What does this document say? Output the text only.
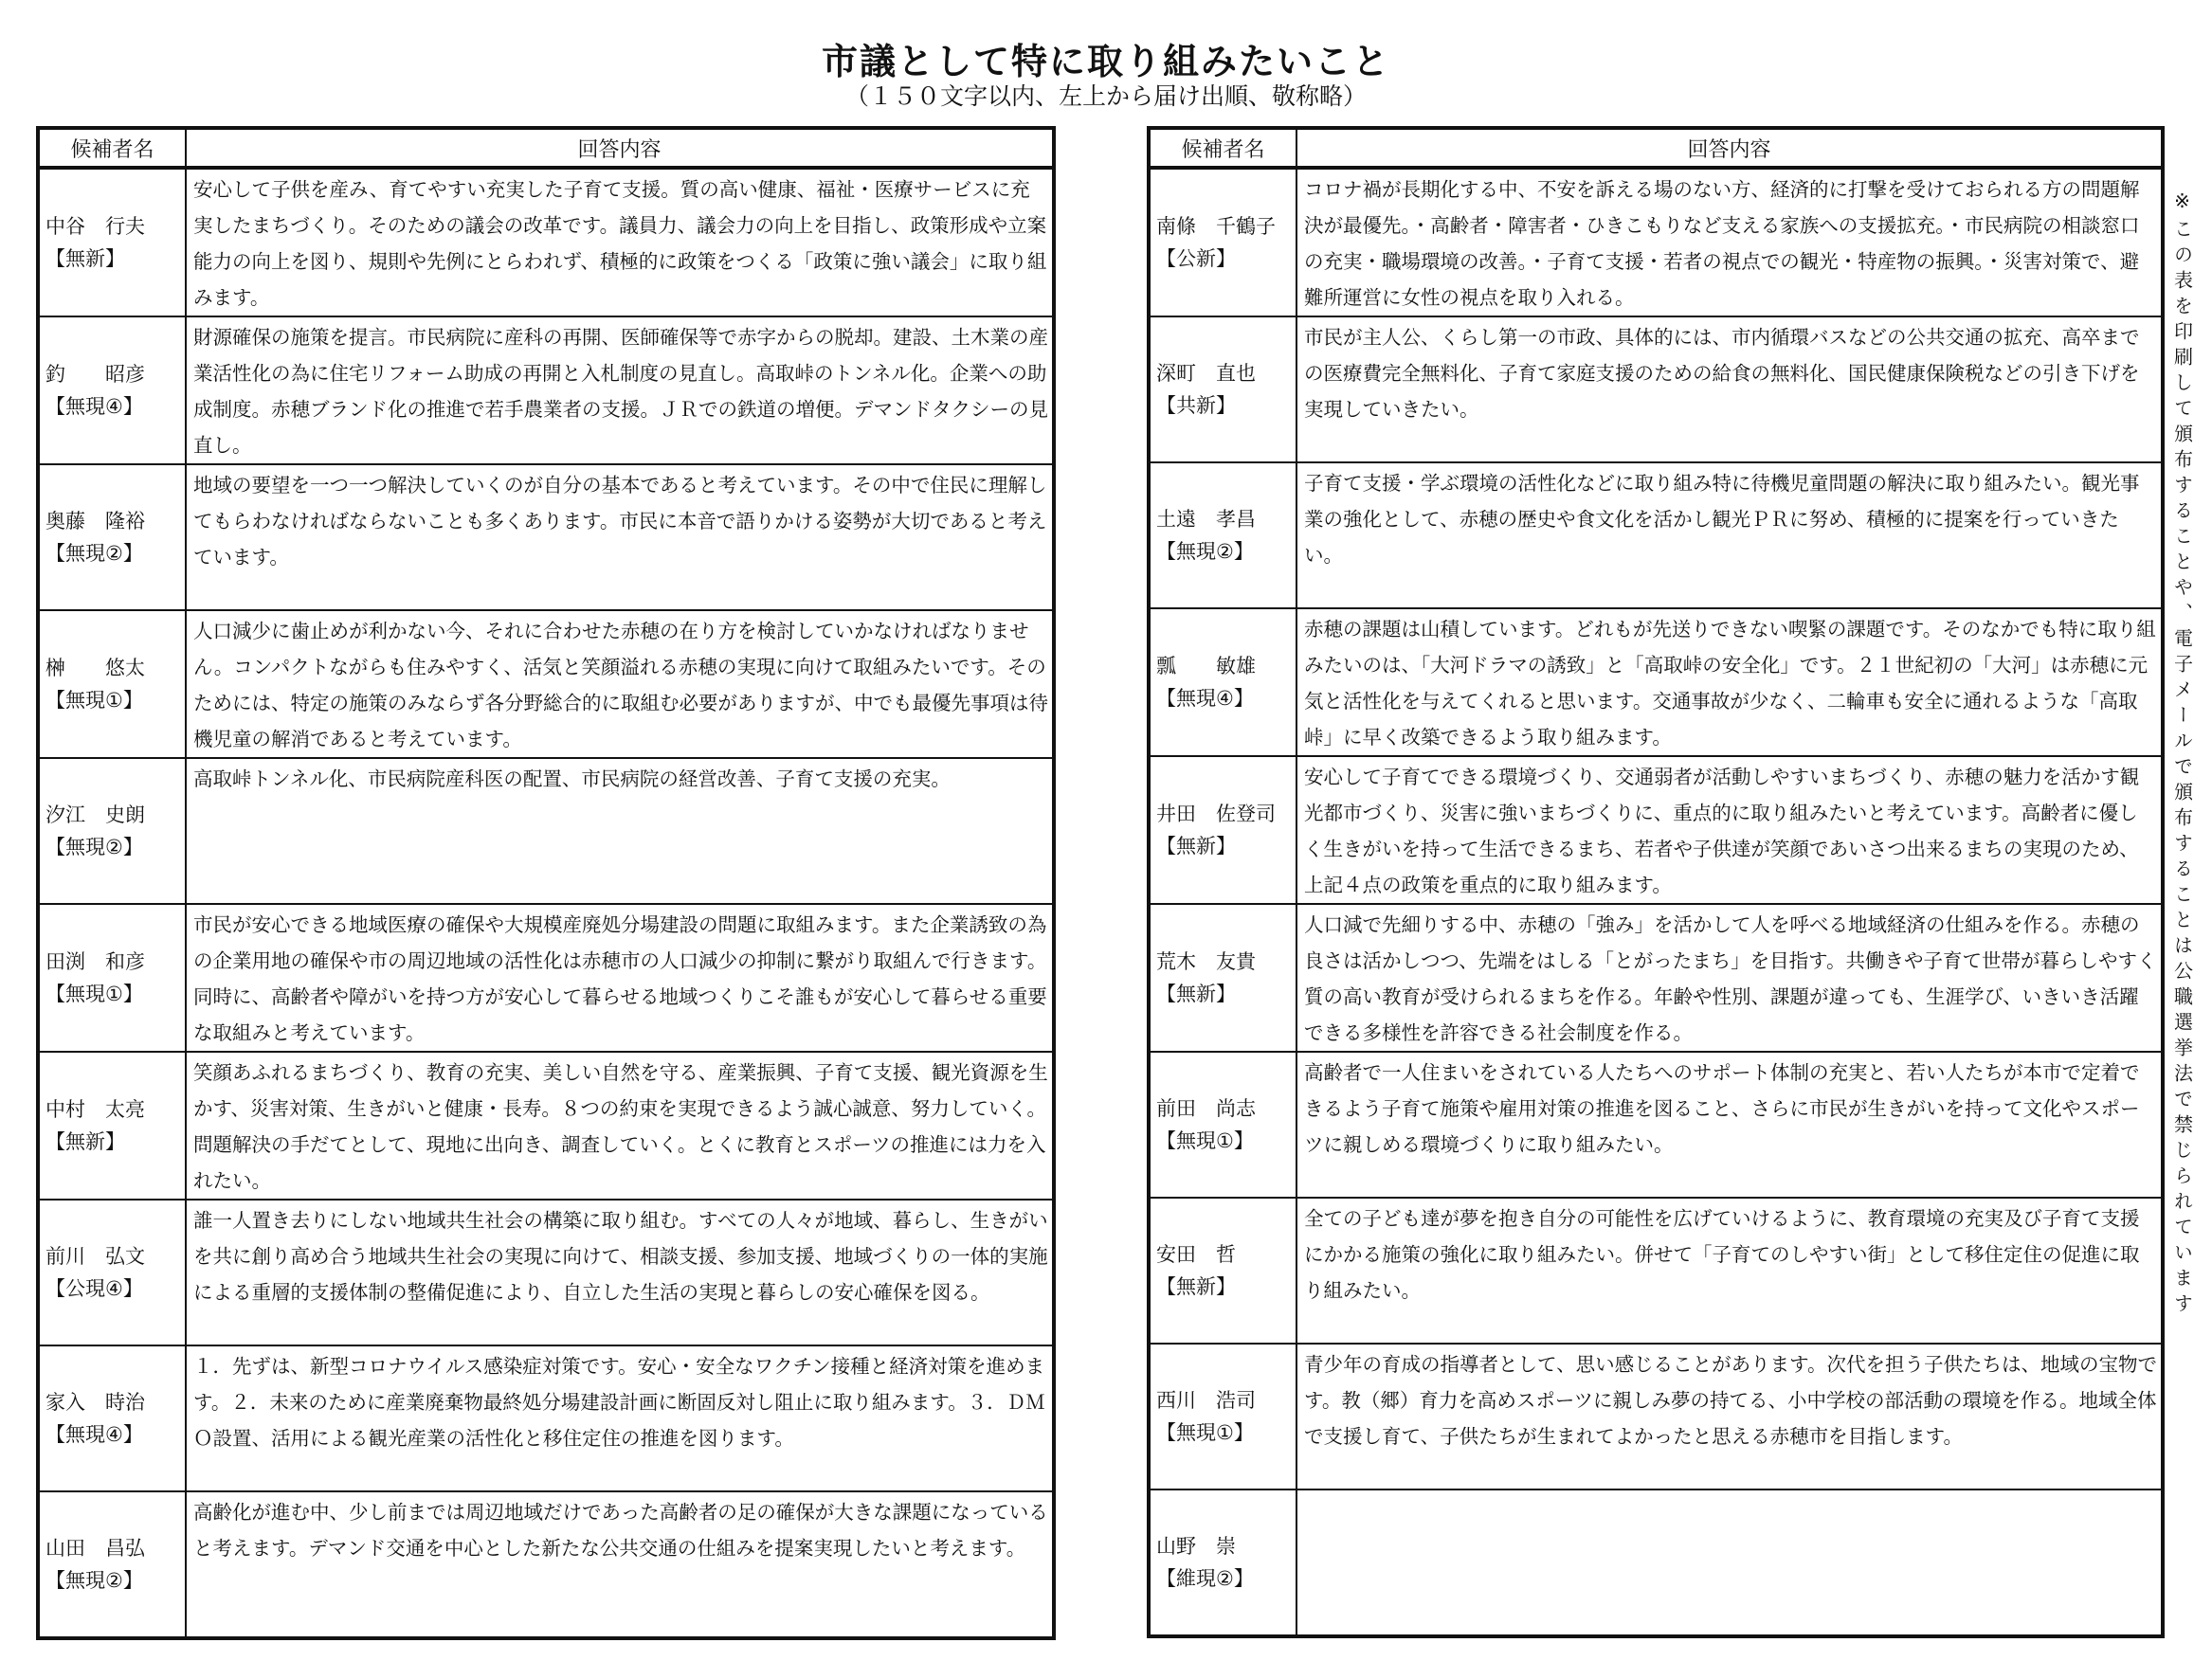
市議として特に取り組みたいこと
（１５０文字以内、左上から届け出順、敬称略）
候補者名	回答内容

中谷　行夫
【無新】	安心して子供を産み、育てやすい充実した子育て支援。質の高い健康、福祉・医療サービスに充実したまちづくり。そのための議会の改革です。議員力、議会力の向上を目指し、政策形成や立案能力の向上を図り、規則や先例にとらわれず、積極的に政策をつくる「政策に強い議会」に取り組みます。

釣　　昭彦
【無現④】	財源確保の施策を提言。市民病院に産科の再開、医師確保等で赤字からの脱却。建設、土木業の産業活性化の為に住宅リフォーム助成の再開と入札制度の見直し。高取峠のトンネル化。企業への助成制度。赤穂ブランド化の推進で若手農業者の支援。ＪＲでの鉄道の増便。デマンドタクシーの見直し。

奥藤　隆裕
【無現②】	地域の要望を一つ一つ解決していくのが自分の基本であると考えています。その中で住民に理解してもらわなければならないことも多くあります。市民に本音で語りかける姿勢が大切であると考えています。

榊　　悠太
【無現①】	人口減少に歯止めが利かない今、それに合わせた赤穂の在り方を検討していかなければなりません。コンパクトながらも住みやすく、活気と笑顔溢れる赤穂の実現に向けて取組みたいです。そのためには、特定の施策のみならず各分野総合的に取組む必要がありますが、中でも最優先事項は待機児童の解消であると考えています。

汐江　史朗
【無現②】	高取峠トンネル化、市民病院産科医の配置、市民病院の経営改善、子育て支援の充実。

田渕　和彦
【無現①】	市民が安心できる地域医療の確保や大規模産廃処分場建設の問題に取組みます。また企業誘致の為の企業用地の確保や市の周辺地域の活性化は赤穂市の人口減少の抑制に繋がり取組んで行きます。同時に、高齢者や障がいを持つ方が安心して暮らせる地域つくりこそ誰もが安心して暮らせる重要な取組みと考えています。

中村　太亮
【無新】	笑顔あふれるまちづくり、教育の充実、美しい自然を守る、産業振興、子育て支援、観光資源を生かす、災害対策、生きがいと健康・長寿。８つの約束を実現できるよう誠心誠意、努力していく。問題解決の手だてとして、現地に出向き、調査していく。とくに教育とスポーツの推進には力を入れたい。

前川　弘文
【公現④】	誰一人置き去りにしない地域共生社会の構築に取り組む。すべての人々が地域、暮らし、生きがいを共に創り高め合う地域共生社会の実現に向けて、相談支援、参加支援、地域づくりの一体的実施による重層的支援体制の整備促進により、自立した生活の実現と暮らしの安心確保を図る。

家入　時治
【無現④】	１．先ずは、新型コロナウイルス感染症対策です。安心・安全なワクチン接種と経済対策を進めます。２．未来のために産業廃棄物最終処分場建設計画に断固反対し阻止に取り組みます。３．ＤＭＯ設置、活用による観光産業の活性化と移住定住の推進を図ります。

山田　昌弘
【無現②】	高齢化が進む中、少し前までは周辺地域だけであった高齢者の足の確保が大きな課題になっていると考えます。デマンド交通を中心とした新たな公共交通の仕組みを提案実現したいと考えます。
候補者名	回答内容

南條　千鶴子
【公新】	コロナ禍が長期化する中、不安を訴える場のない方、経済的に打撃を受けておられる方の問題解決が最優先。・高齢者・障害者・ひきこもりなど支える家族への支援拡充。・市民病院の相談窓口の充実・職場環境の改善。・子育て支援・若者の視点での観光・特産物の振興。・災害対策で、避難所運営に女性の視点を取り入れる。

深町　直也
【共新】	市民が主人公、くらし第一の市政、具体的には、市内循環バスなどの公共交通の拡充、高卒までの医療費完全無料化、子育て家庭支援のための給食の無料化、国民健康保険税などの引き下げを実現していきたい。

土遠　孝昌
【無現②】	子育て支援・学ぶ環境の活性化などに取り組み特に待機児童問題の解決に取り組みたい。観光事業の強化として、赤穂の歴史や食文化を活かし観光ＰＲに努め、積極的に提案を行っていきたい。

瓢　　敏雄
【無現④】	赤穂の課題は山積しています。どれもが先送りできない喫緊の課題です。そのなかでも特に取り組みたいのは、「大河ドラマの誘致」と「高取峠の安全化」です。２１世紀初の「大河」は赤穂に元気と活性化を与えてくれると思います。交通事故が少なく、二輪車も安全に通れるような「高取峠」に早く改築できるよう取り組みます。

井田　佐登司
【無新】	安心して子育てできる環境づくり、交通弱者が活動しやすいまちづくり、赤穂の魅力を活かす観光都市づくり、災害に強いまちづくりに、重点的に取り組みたいと考えています。高齢者に優しく生きがいを持って生活できるまち、若者や子供達が笑顔であいさつ出来るまちの実現のため、上記４点の政策を重点的に取り組みます。

荒木　友貴
【無新】	人口減で先細りする中、赤穂の「強み」を活かして人を呼べる地域経済の仕組みを作る。赤穂の良さは活かしつつ、先端をはしる「とがったまち」を目指す。共働きや子育て世帯が暮らしやすく質の高い教育が受けられるまちを作る。年齢や性別、課題が違っても、生涯学び、いきいき活躍できる多様性を許容できる社会制度を作る。

前田　尚志
【無現①】	高齢者で一人住まいをされている人たちへのサポート体制の充実と、若い人たちが本市で定着できるよう子育て施策や雇用対策の推進を図ること、さらに市民が生きがいを持って文化やスポーツに親しめる環境づくりに取り組みたい。

安田　哲
【無新】	全ての子ども達が夢を抱き自分の可能性を広げていけるように、教育環境の充実及び子育て支援にかかる施策の強化に取り組みたい。併せて「子育てのしやすい街」として移住定住の促進に取り組みたい。

西川　浩司
【無現①】	青少年の育成の指導者として、思い感じることがあります。次代を担う子供たちは、地域の宝物です。教（郷）育力を高めスポーツに親しみ夢の持てる、小中学校の部活動の環境を作る。地域全体で支援し育て、子供たちが生まれてよかったと思える赤穂市を目指します。

山野　崇
【維現②】	

※この表を印刷して頒布することや、電子メールで頒布することは公職選挙法で禁じられています
